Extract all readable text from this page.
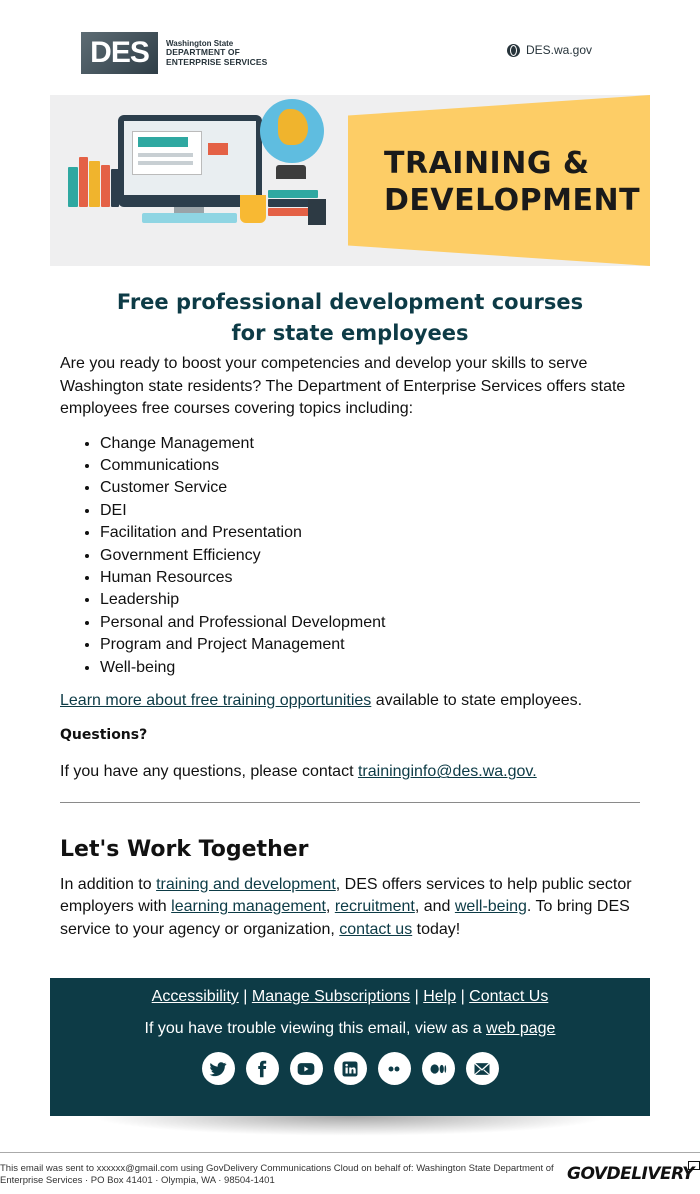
DES	Washington State
DEPARTMENT OF
ENTERPRISE SERVICES
DES.wa.gov
TRAINING &
DEVELOPMENT
Free professional development courses
for state employees

Are you ready to boost your competencies and develop your skills to serve Washington state residents? The Department of Enterprise Services offers state employees free courses covering topics including:

• Change Management
• Communications
• Customer Service
• DEI
• Facilitation and Presentation
• Government Efficiency
• Human Resources
• Leadership
• Personal and Professional Development
• Program and Project Management
• Well-being

Learn more about free training opportunities available to state employees.

Questions?

If you have any questions, please contact traininginfo@des.wa.gov.

Let's Work Together

In addition to training and development, DES offers services to help public sector employers with learning management, recruitment, and well-being. To bring DES service to your agency or organization, contact us today!

Accessibility | Manage Subscriptions | Help | Contact Us
If you have trouble viewing this email, view as a web page
This email was sent to xxxxxx@gmail.com using GovDelivery Communications Cloud on behalf of: Washington State Department of Enterprise Services · PO Box 41401 · Olympia, WA · 98504-1401	GOVDELIVERY
